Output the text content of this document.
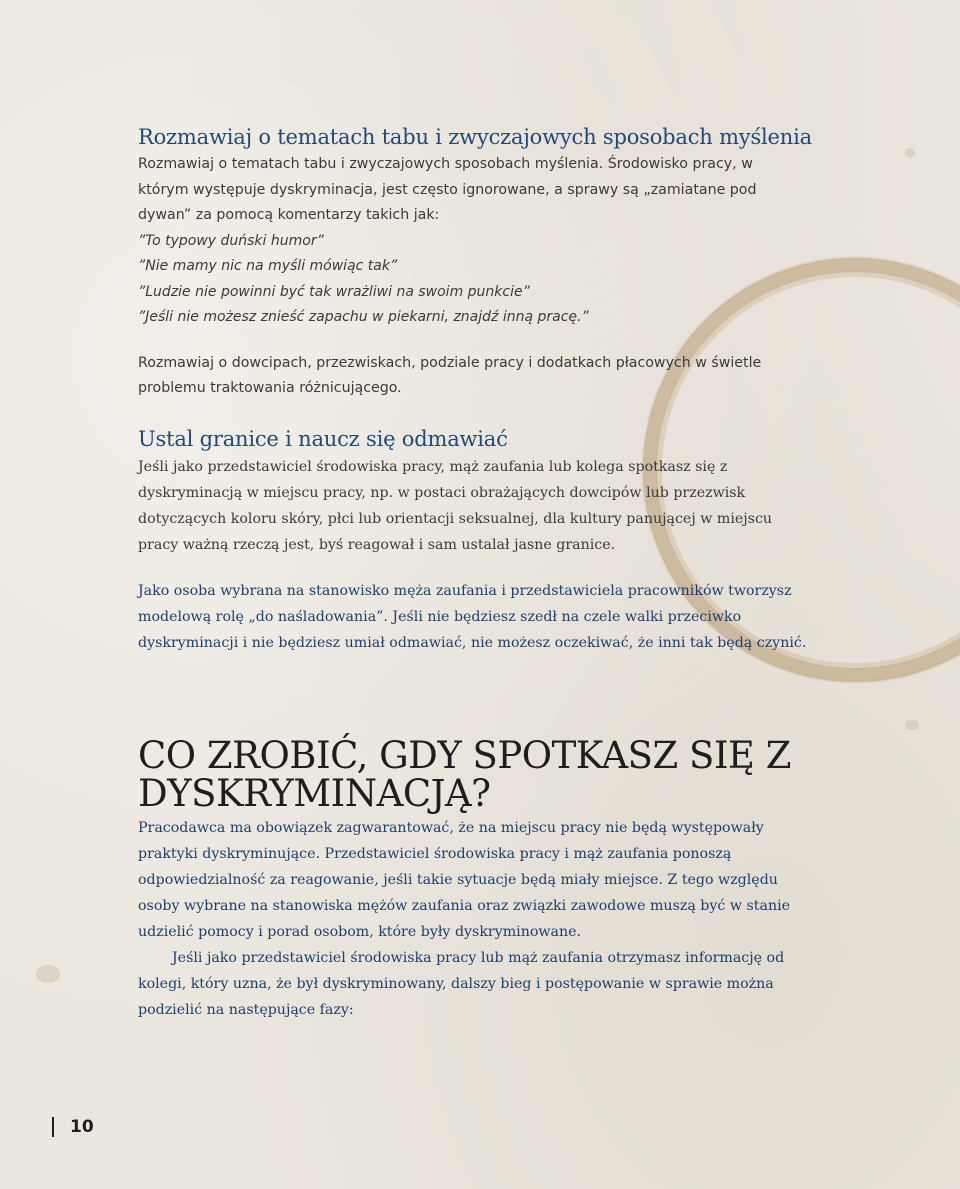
Rozmawiaj o tematach tabu i zwyczajowych sposobach myślenia

Rozmawiaj o tematach tabu i zwyczajowych sposobach myślenia. Środowisko pracy, w

którym występuje dyskryminacja, jest często ignorowane, a sprawy są „zamiatane pod

dywan” za pomocą komentarzy takich jak:

”To typowy duński humor”

”Nie mamy nic na myśli mówiąc tak”

”Ludzie nie powinni być tak wrażliwi na swoim punkcie”

”Jeśli nie możesz znieść zapachu w piekarni, znajdź inną pracę.”

Rozmawiaj o dowcipach, przezwiskach, podziale pracy i dodatkach płacowych w świetle

problemu traktowania różnicującego.

Ustal granice i naucz się odmawiać

Jeśli jako przedstawiciel środowiska pracy, mąż zaufania lub kolega spotkasz się z

dyskryminacją w miejscu pracy, np. w postaci obrażających dowcipów lub przezwisk

dotyczących koloru skóry, płci lub orientacji seksualnej, dla kultury panującej w miejscu

pracy ważną rzeczą jest, byś reagował i sam ustalał jasne granice.

Jako osoba wybrana na stanowisko męża zaufania i przedstawiciela pracowników tworzysz

modelową rolę „do naśladowania”. Jeśli nie będziesz szedł na czele walki przeciwko

dyskryminacji i nie będziesz umiał odmawiać, nie możesz oczekiwać, że inni tak będą czynić.

CO ZROBIĆ, GDY SPOTKASZ SIĘ Z
DYSKRYMINACJĄ?

Pracodawca ma obowiązek zagwarantować, że na miejscu pracy nie będą występowały

praktyki dyskryminujące. Przedstawiciel środowiska pracy i mąż zaufania ponoszą

odpowiedzialność za reagowanie, jeśli takie sytuacje będą miały miejsce. Z tego względu

osoby wybrane na stanowiska mężów zaufania oraz związki zawodowe muszą być w stanie

udzielić pomocy i porad osobom, które były dyskryminowane.

Jeśli jako przedstawiciel środowiska pracy lub mąż zaufania otrzymasz informację od

kolegi, który uzna, że był dyskryminowany, dalszy bieg i postępowanie w sprawie można

podzielić na następujące fazy:

10
